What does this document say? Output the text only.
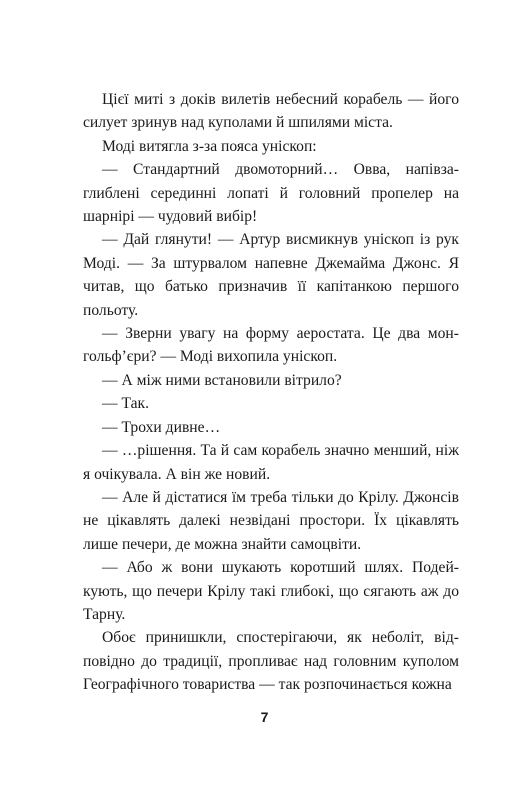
Цієї миті з доків вилетів небесний корабель — його силует зринув над куполами й шпилями міста.

Моді витягла з-за пояса уніскоп:

— Стандартний двомоторний… Овва, напівзаглиблені серединні лопаті й головний пропелер на шарнірі — чудовий вибір!

— Дай глянути! — Артур висмикнув уніскоп із рук Моді. — За штурвалом напевне Джемайма Джонс. Я читав, що батько призначив її капітанкою першого польоту.

— Зверни увагу на форму аеростата. Це два монгольф’єри? — Моді вихопила уніскоп.

— А між ними встановили вітрило?

— Так.

— Трохи дивне…

— …рішення. Та й сам корабель значно менший, ніж я очікувала. А він же новий.

— Але й дістатися їм треба тільки до Крілу. Джонсів не цікавлять далекі незвідані простори. Їх цікавлять лише печери, де можна знайти самоцвіти.

— Або ж вони шукають коротший шлях. Подейкують, що печери Крілу такі глибокі, що сягають аж до Тарну.

Обоє принишкли, спостерігаючи, як неболіт, відповідно до традиції, пропливає над головним куполом Географічного товариства — так розпочинається кожна

7
